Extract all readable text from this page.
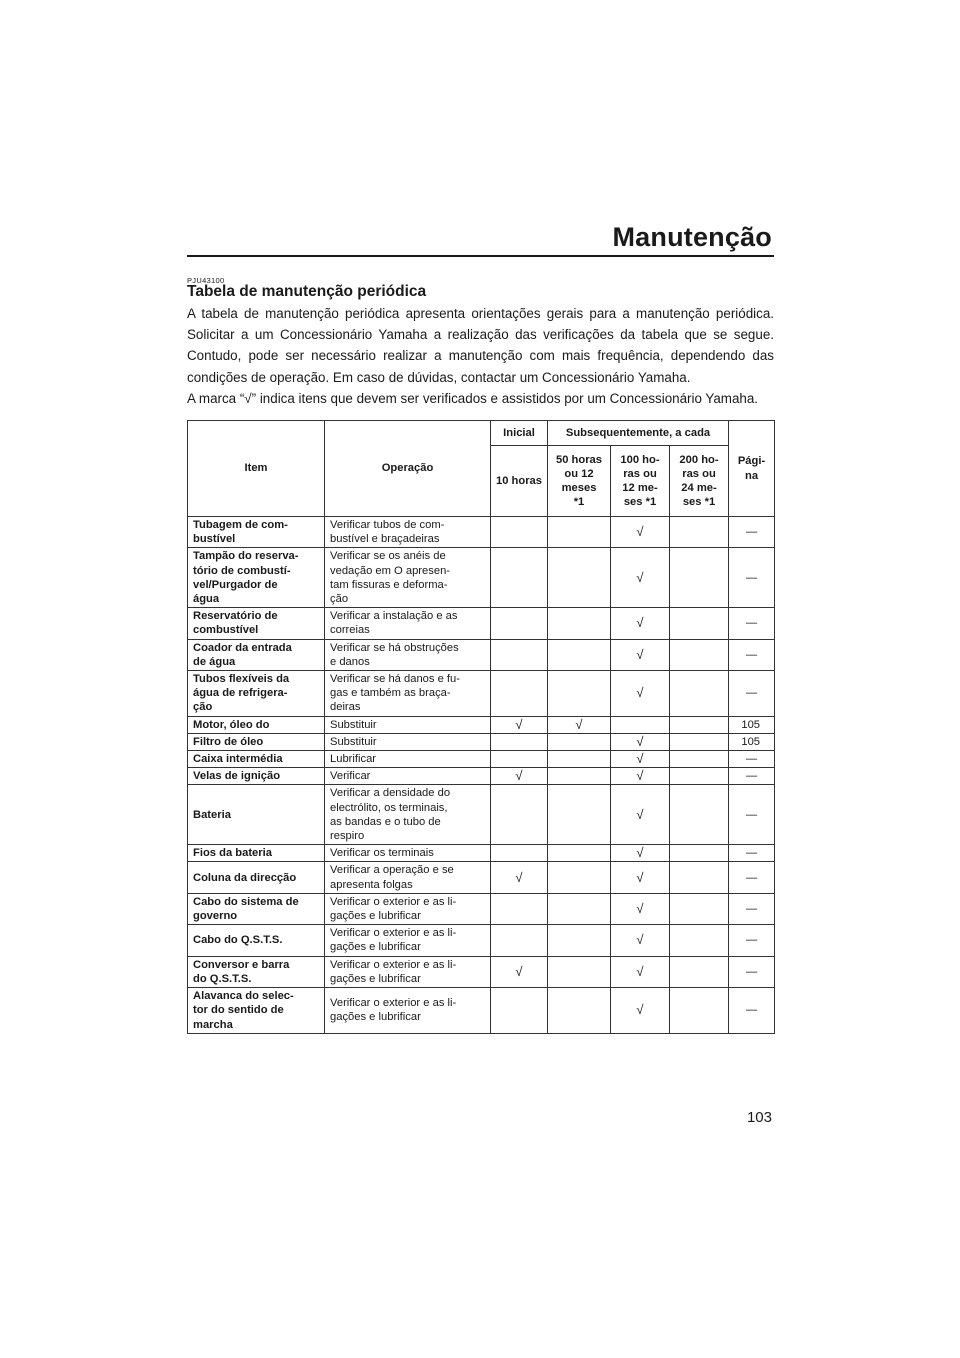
Manutenção
PJU43100
Tabela de manutenção periódica

A tabela de manutenção periódica apresenta orientações gerais para a manutenção periódica. Solicitar a um Concessionário Yamaha a realização das verificações da tabela que se segue. Contudo, pode ser necessário realizar a manutenção com mais frequência, dependendo das condições de operação. Em caso de dúvidas, contactar um Concessionário Yamaha.

A marca “√” indica itens que devem ser verificados e assistidos por um Concessionário Yamaha.

Item	Operação	Inicial	Subsequentemente, a cada			Pági-
na
		10 horas	50 horas
ou 12
meses
*1	100 ho-
ras ou
12 me-
ses *1	200 ho-
ras ou
24 me-
ses *1	
Tubagem de com-
bustível	Verificar tubos de com-
bustível e braçadeiras			√		—
Tampão do reserva-
tório de combustí-
vel/Purgador de
água	Verificar se os anéis de
vedação em O apresen-
tam fissuras e deforma-
ção			√		—
Reservatório de
combustível	Verificar a instalação e as
correias			√		—
Coador da entrada
de água	Verificar se há obstruções
e danos			√		—
Tubos flexíveis da
água de refrigera-
ção	Verificar se há danos e fu-
gas e também as braça-
deiras			√		—
Motor, óleo do	Substituir	√	√			105
Filtro de óleo	Substituir			√		105
Caixa intermédia	Lubrificar			√		—
Velas de ignição	Verificar	√		√		—
Bateria	Verificar a densidade do
electrólito, os terminais,
as bandas e o tubo de
respiro			√		—
Fios da bateria	Verificar os terminais			√		—
Coluna da direcção	Verificar a operação e se
apresenta folgas	√		√		—
Cabo do sistema de
governo	Verificar o exterior e as li-
gações e lubrificar			√		—
Cabo do Q.S.T.S.	Verificar o exterior e as li-
gações e lubrificar			√		—
Conversor e barra
do Q.S.T.S.	Verificar o exterior e as li-
gações e lubrificar	√		√		—
Alavanca do selec-
tor do sentido de
marcha	Verificar o exterior e as li-
gações e lubrificar			√		—
103
